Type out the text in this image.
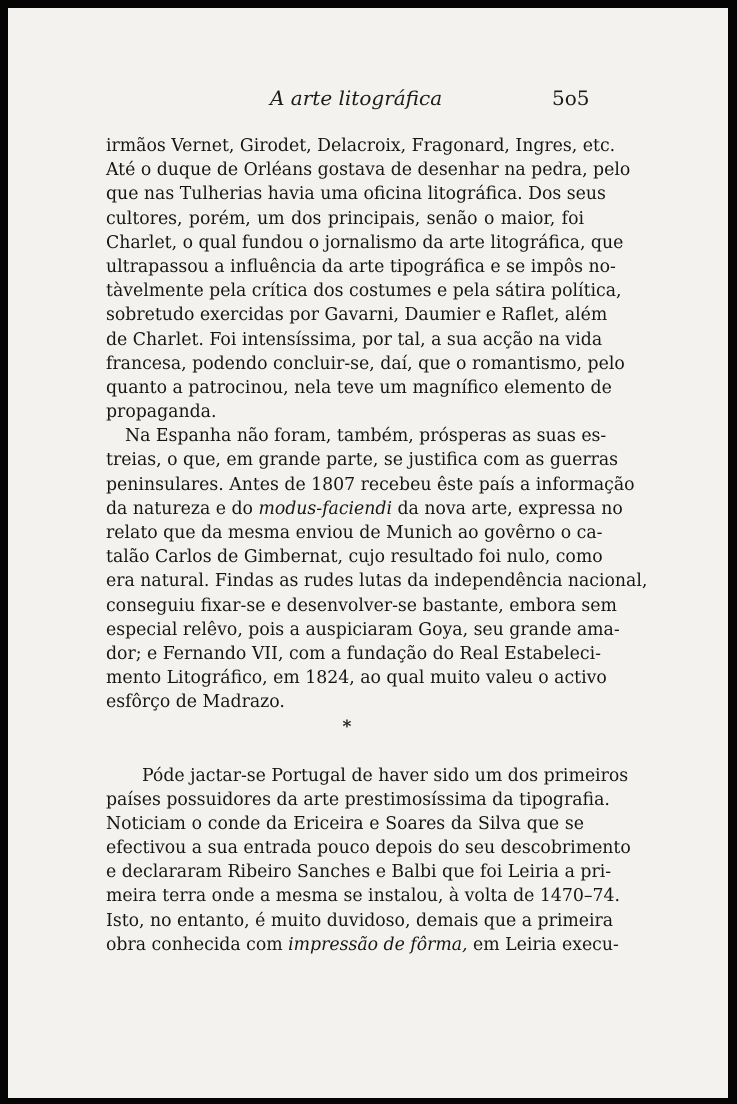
A arte litográfica	5o5
irmãos Vernet, Girodet, Delacroix, Fragonard, Ingres, etc.
Até o duque de Orléans gostava de desenhar na pedra, pelo
que nas Tulherias havia uma oficina litográfica. Dos seus
cultores, porém, um dos principais, senão o maior, foi
Charlet, o qual fundou o jornalismo da arte litográfica, que
ultrapassou a influência da arte tipográfica e se impôs no-
tàvelmente pela crítica dos costumes e pela sátira política,
sobretudo exercidas por Gavarni, Daumier e Raflet, além
de Charlet. Foi intensíssima, por tal, a sua acção na vida
francesa, podendo concluir-se, daí, que o romantismo, pelo
quanto a patrocinou, nela teve um magnífico elemento de
propaganda.
Na Espanha não foram, também, prósperas as suas es-
treias, o que, em grande parte, se justifica com as guerras
peninsulares. Antes de 1807 recebeu êste país a informação
da natureza e do modus-faciendi da nova arte, expressa no
relato que da mesma enviou de Munich ao govêrno o ca-
talão Carlos de Gimbernat, cujo resultado foi nulo, como
era natural. Findas as rudes lutas da independência nacional,
conseguiu fixar-se e desenvolver-se bastante, embora sem
especial relêvo, pois a auspiciaram Goya, seu grande ama-
dor; e Fernando VII, com a fundação do Real Estabeleci-
mento Litográfico, em 1824, ao qual muito valeu o activo
esfôrço de Madrazo.
*
Póde jactar-se Portugal de haver sido um dos primeiros
países possuidores da arte prestimosíssima da tipografia.
Noticiam o conde da Ericeira e Soares da Silva que se
efectivou a sua entrada pouco depois do seu descobrimento
e declararam Ribeiro Sanches e Balbi que foi Leiria a pri-
meira terra onde a mesma se instalou, à volta de 1470–74.
Isto, no entanto, é muito duvidoso, demais que a primeira
obra conhecida com impressão de fôrma, em Leiria execu-
